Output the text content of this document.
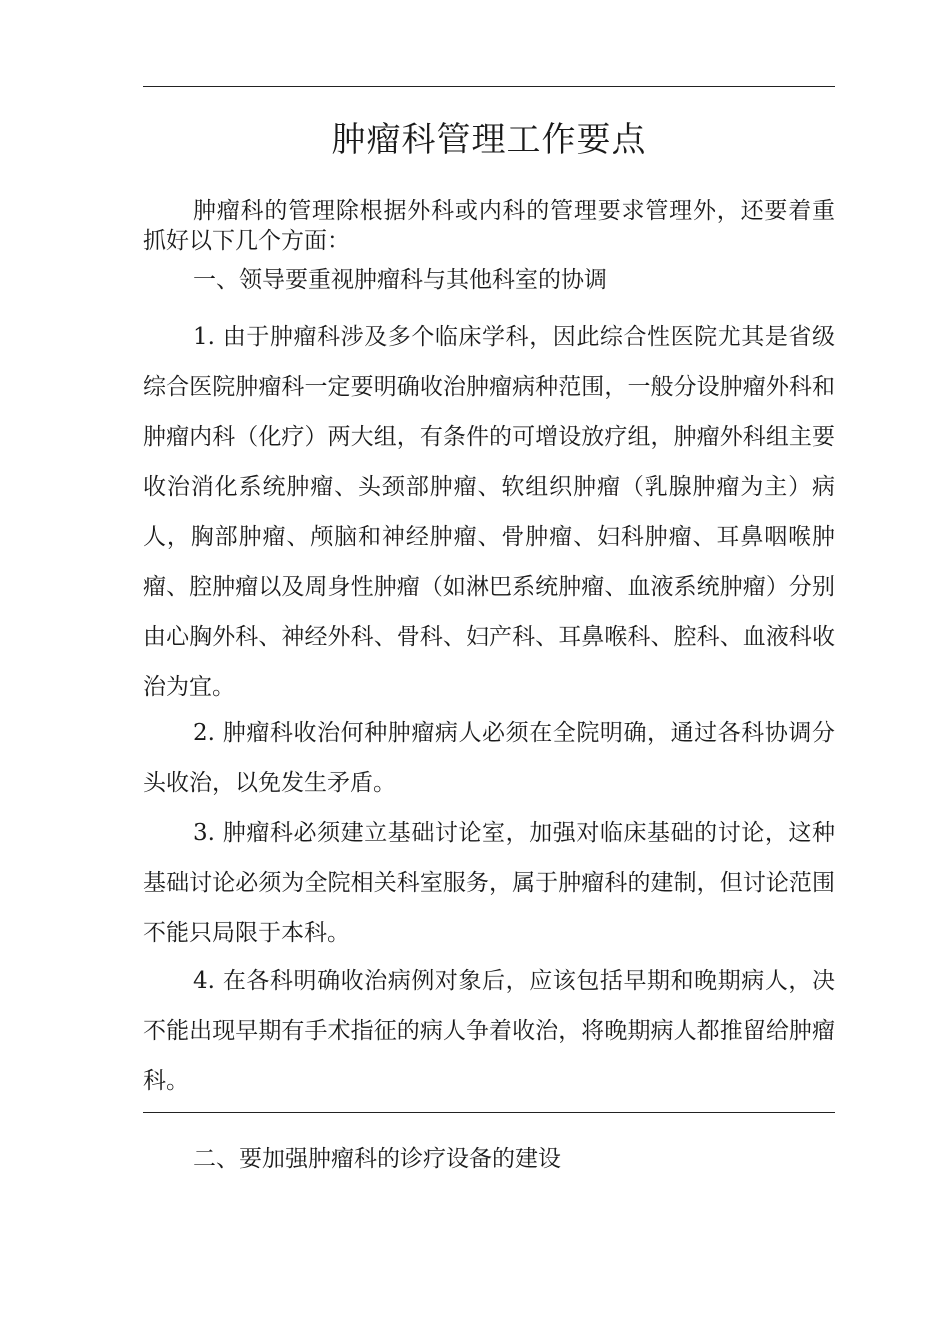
肿瘤科管理工作要点

肿瘤科的管理除根据外科或内科的管理要求管理外，还要着重抓好以下几个方面：

一、领导要重视肿瘤科与其他科室的协调

1. 由于肿瘤科涉及多个临床学科，因此综合性医院尤其是省级综合医院肿瘤科一定要明确收治肿瘤病种范围，一般分设肿瘤外科和肿瘤内科（化疗）两大组，有条件的可增设放疗组，肿瘤外科组主要收治消化系统肿瘤、头颈部肿瘤、软组织肿瘤（乳腺肿瘤为主）病人，胸部肿瘤、颅脑和神经肿瘤、骨肿瘤、妇科肿瘤、耳鼻咽喉肿瘤、腔肿瘤以及周身性肿瘤（如淋巴系统肿瘤、血液系统肿瘤）分别由心胸外科、神经外科、骨科、妇产科、耳鼻喉科、腔科、血液科收治为宜。

2. 肿瘤科收治何种肿瘤病人必须在全院明确，通过各科协调分头收治，以免发生矛盾。

3. 肿瘤科必须建立基础讨论室，加强对临床基础的讨论，这种基础讨论必须为全院相关科室服务，属于肿瘤科的建制，但讨论范围不能只局限于本科。

4. 在各科明确收治病例对象后，应该包括早期和晚期病人，决不能出现早期有手术指征的病人争着收治，将晚期病人都推留给肿瘤科。

二、要加强肿瘤科的诊疗设备的建设
